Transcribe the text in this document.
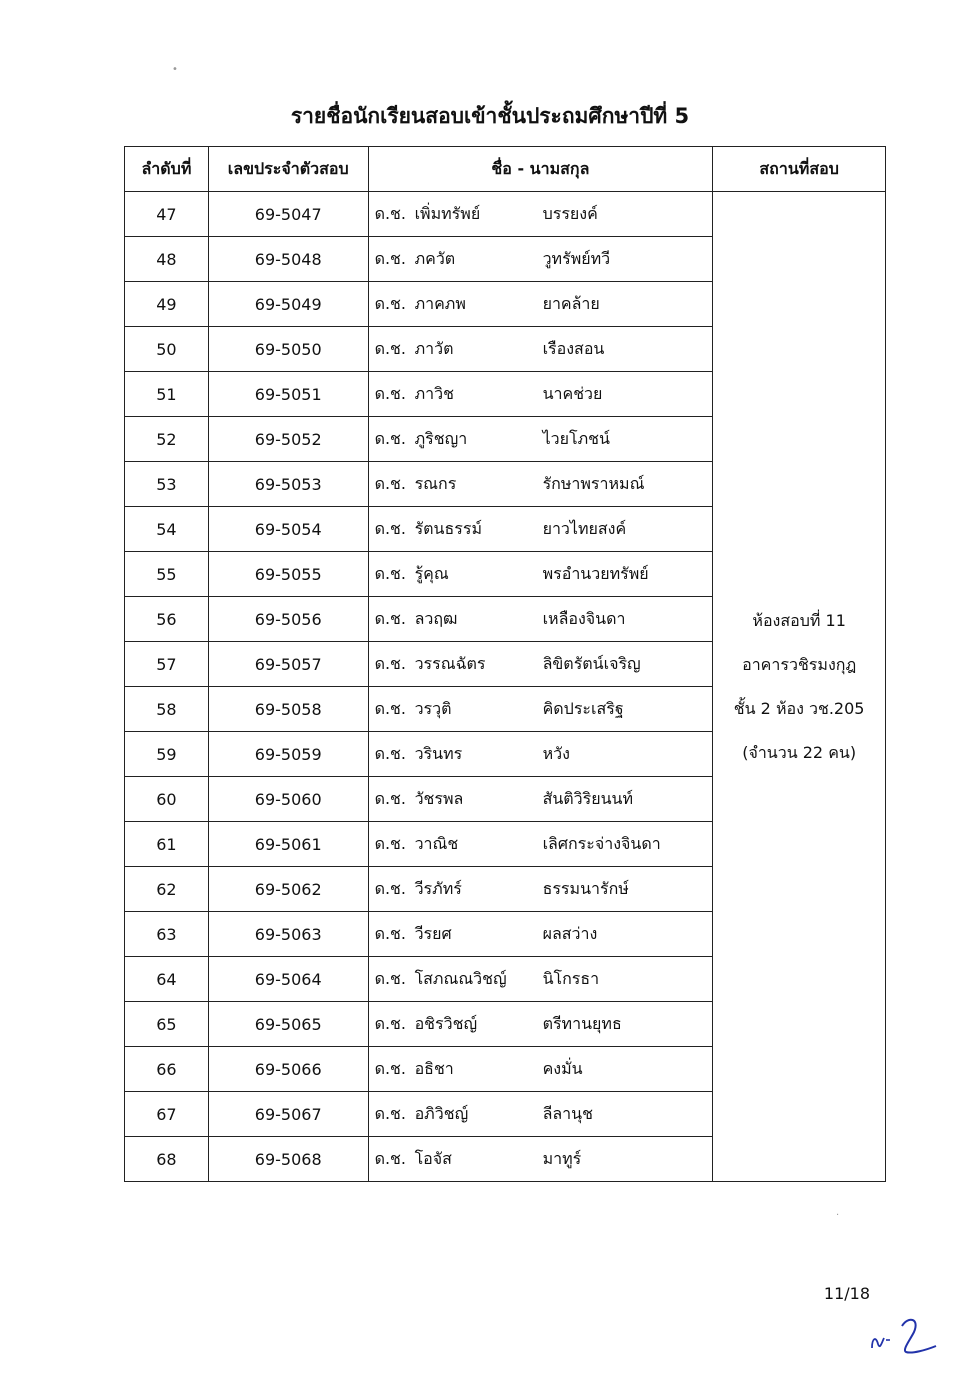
•
·
รายชื่อนักเรียนสอบเข้าชั้นประถมศึกษาปีที่ 5
ลำดับที่	เลขประจำตัวสอบ	ชื่อ - นามสกุล	สถานที่สอบ
47	69-5047	ด.ช. เพิ่มทรัพย์ บรรยงค์	ห้องสอบที่ 11
อาคารวชิรมงกุฎ
ชั้น 2 ห้อง วช.205
(จำนวน 22 คน)

48	69-5048	ด.ช. ภควัต วูทรัพย์ทวี	

49	69-5049	ด.ช. ภาคภพ ยาคล้าย	

50	69-5050	ด.ช. ภาวัต เรืองสอน	

51	69-5051	ด.ช. ภาวิช นาคช่วย	

52	69-5052	ด.ช. ภูริชญา ไวยโภชน์	

53	69-5053	ด.ช. รณกร รักษาพราหมณ์	

54	69-5054	ด.ช. รัตนธรรม์ ยาวไทยสงค์	

55	69-5055	ด.ช. รู้คุณ พรอำนวยทรัพย์	

56	69-5056	ด.ช. ลวฤฒ เหลืองจินดา	

57	69-5057	ด.ช. วรรณฉัตร ลิขิตรัตน์เจริญ	

58	69-5058	ด.ช. วรวุติ คิดประเสริฐ	

59	69-5059	ด.ช. วรินทร หวัง	

60	69-5060	ด.ช. วัชรพล สันติวิริยนนท์	

61	69-5061	ด.ช. วาณิช เลิศกระจ่างจินดา	

62	69-5062	ด.ช. วีรภัทร์ ธรรมนารักษ์	

63	69-5063	ด.ช. วีรยศ ผลสว่าง	

64	69-5064	ด.ช. โสภณณวิชญ์ นิโกรธา	

65	69-5065	ด.ช. อชิรวิชญ์ ตรีทานยุทธ	

66	69-5066	ด.ช. อธิชา คงมั่น	

67	69-5067	ด.ช. อภิวิชญ์ ลีลานุช	

68	69-5068	ด.ช. โอจัส มาทูร์	
11/18
